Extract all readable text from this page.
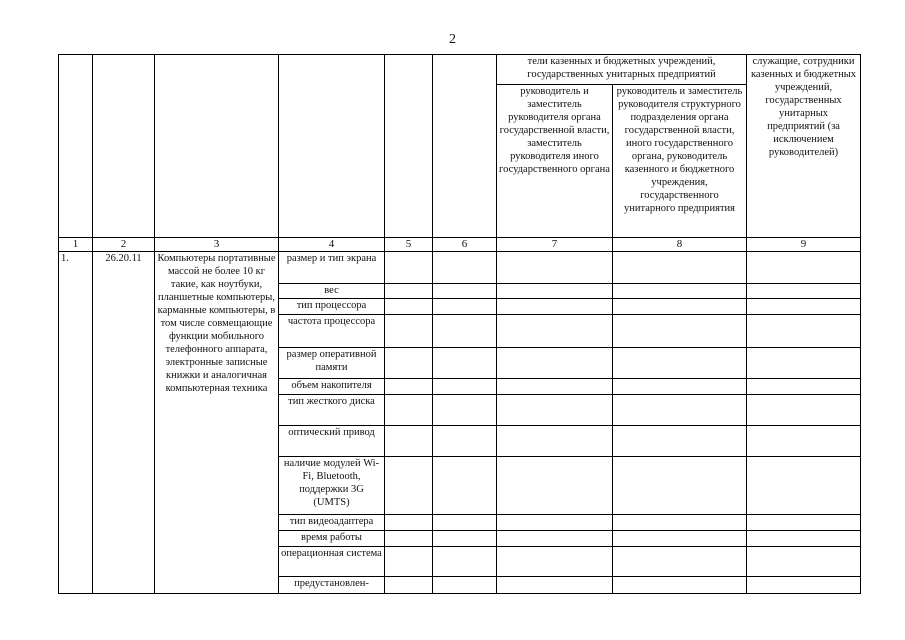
2
						тели казенных и бюджетных учреждений, государственных унитарных предприятий		служащие, сотрудники казенных и бюджетных учреждений, государственных унитарных предприятий (за исключением руководителей)
						руководитель и заместитель руководителя органа государственной власти, заместитель руководителя иного государственного органа	руководитель и заместитель руководителя структурного подразделения органа государственной власти, иного государственного органа, руководитель казенного и бюджетного учреждения, государственного унитарного предприятия	
1	2	3	4	5	6	7	8	9
1.	26.20.11	Компьютеры портативные массой не более 10 кг такие, как ноутбуки, планшетные компьютеры, карманные компьютеры, в том числе совмещающие функции мобильного телефонного аппарата, электронные записные книжки и аналогичная компьютерная техника	размер и тип экрана					
			вес					
			тип процессора					
			частота процессора					
			размер оперативной памяти					
			объем накопителя					
			тип жесткого диска					
			оптический привод					
			наличие модулей Wi-Fi, Bluetooth, поддержки 3G (UMTS)					
			тип видеоадаптера					
			время работы					
			операционная система					
			предустановлен-					
